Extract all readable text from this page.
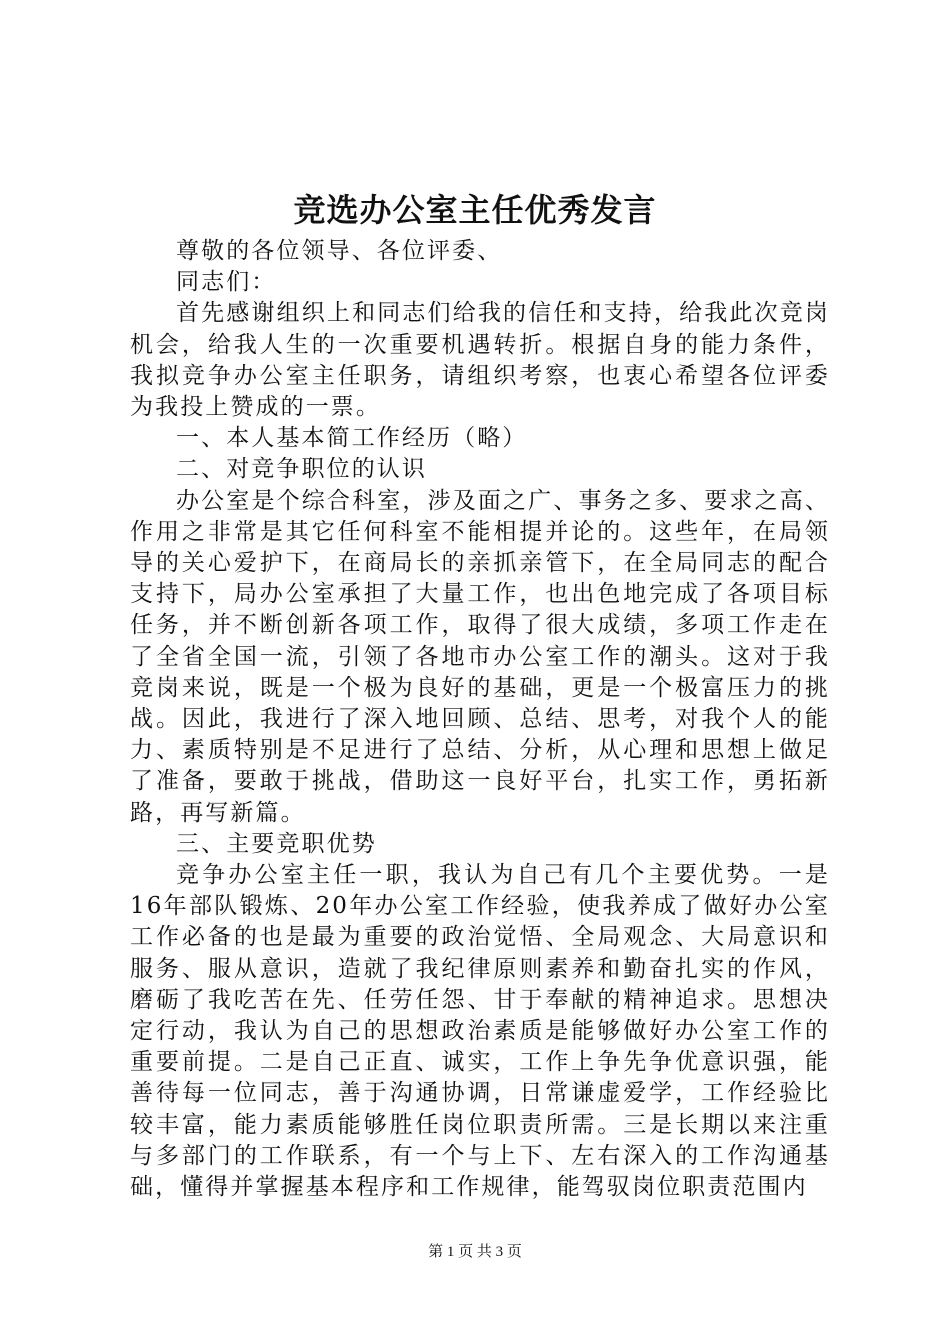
竞选办公室主任优秀发言

尊敬的各位领导、各位评委、

同志们：

首先感谢组织上和同志们给我的信任和支持，给我此次竞岗机会，给我人生的一次重要机遇转折。根据自身的能力条件，我拟竞争办公室主任职务，请组织考察，也衷心希望各位评委为我投上赞成的一票。

一、本人基本简工作经历（略）

二、对竞争职位的认识

办公室是个综合科室，涉及面之广、事务之多、要求之高、作用之非常是其它任何科室不能相提并论的。这些年，在局领导的关心爱护下，在商局长的亲抓亲管下，在全局同志的配合支持下，局办公室承担了大量工作，也出色地完成了各项目标任务，并不断创新各项工作，取得了很大成绩，多项工作走在了全省全国一流，引领了各地市办公室工作的潮头。这对于我竞岗来说，既是一个极为良好的基础，更是一个极富压力的挑战。因此，我进行了深入地回顾、总结、思考，对我个人的能力、素质特别是不足进行了总结、分析，从心理和思想上做足了准备，要敢于挑战，借助这一良好平台，扎实工作，勇拓新路，再写新篇。

三、主要竞职优势

竞争办公室主任一职，我认为自己有几个主要优势。一是16年部队锻炼、20年办公室工作经验，使我养成了做好办公室工作必备的也是最为重要的政治觉悟、全局观念、大局意识和服务、服从意识，造就了我纪律原则素养和勤奋扎实的作风，磨砺了我吃苦在先、任劳任怨、甘于奉献的精神追求。思想决定行动，我认为自己的思想政治素质是能够做好办公室工作的重要前提。二是自己正直、诚实，工作上争先争优意识强，能善待每一位同志，善于沟通协调，日常谦虚爱学，工作经验比较丰富，能力素质能够胜任岗位职责所需。三是长期以来注重与多部门的工作联系，有一个与上下、左右深入的工作沟通基础，懂得并掌握基本程序和工作规律，能驾驭岗位职责范围内

第 1 页 共 3 页
